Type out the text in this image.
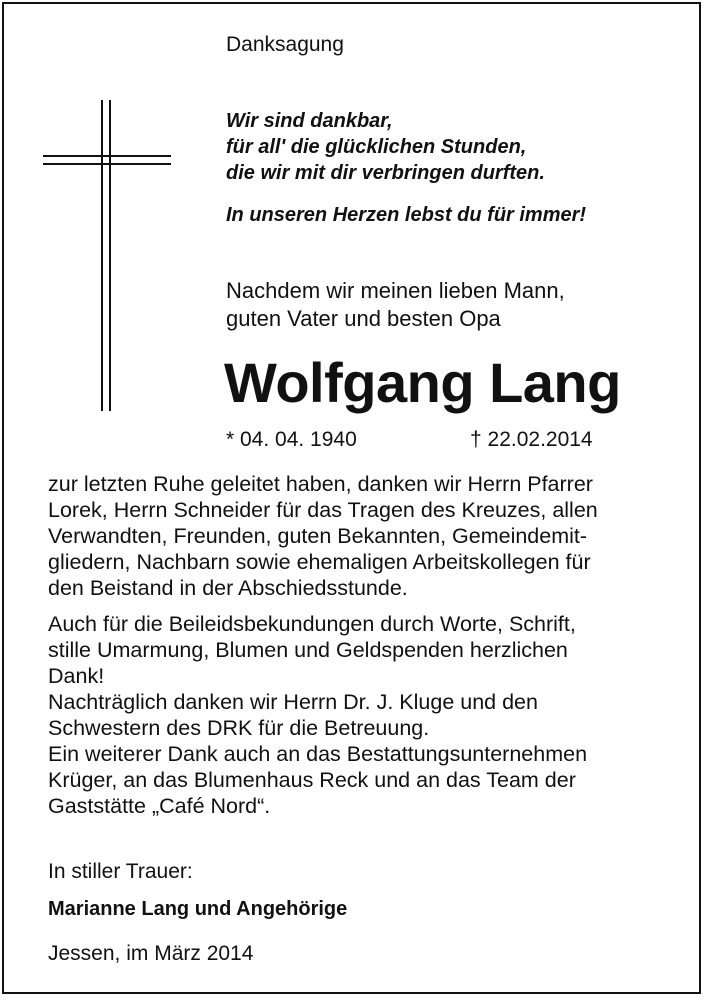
Danksagung
Wir sind dankbar,
für all' die glücklichen Stunden,
die wir mit dir verbringen durften.
In unseren Herzen lebst du für immer!
Nachdem wir meinen lieben Mann,
guten Vater und besten Opa
Wolfgang Lang
* 04. 04. 1940	† 22.02.2014
zur letzten Ruhe geleitet haben, danken wir Herrn Pfarrer
Lorek, Herrn Schneider für das Tragen des Kreuzes, allen
Verwandten, Freunden, guten Bekannten, Gemeindemit-
gliedern, Nachbarn sowie ehemaligen Arbeitskollegen für
den Beistand in der Abschiedsstunde.
Auch für die Beileidsbekundungen durch Worte, Schrift,
stille Umarmung, Blumen und Geldspenden herzlichen
Dank!
Nachträglich danken wir Herrn Dr. J. Kluge und den
Schwestern des DRK für die Betreuung.
Ein weiterer Dank auch an das Bestattungsunternehmen
Krüger, an das Blumenhaus Reck und an das Team der
Gaststätte „Café Nord“.
In stiller Trauer:
Marianne Lang und Angehörige
Jessen, im März 2014
